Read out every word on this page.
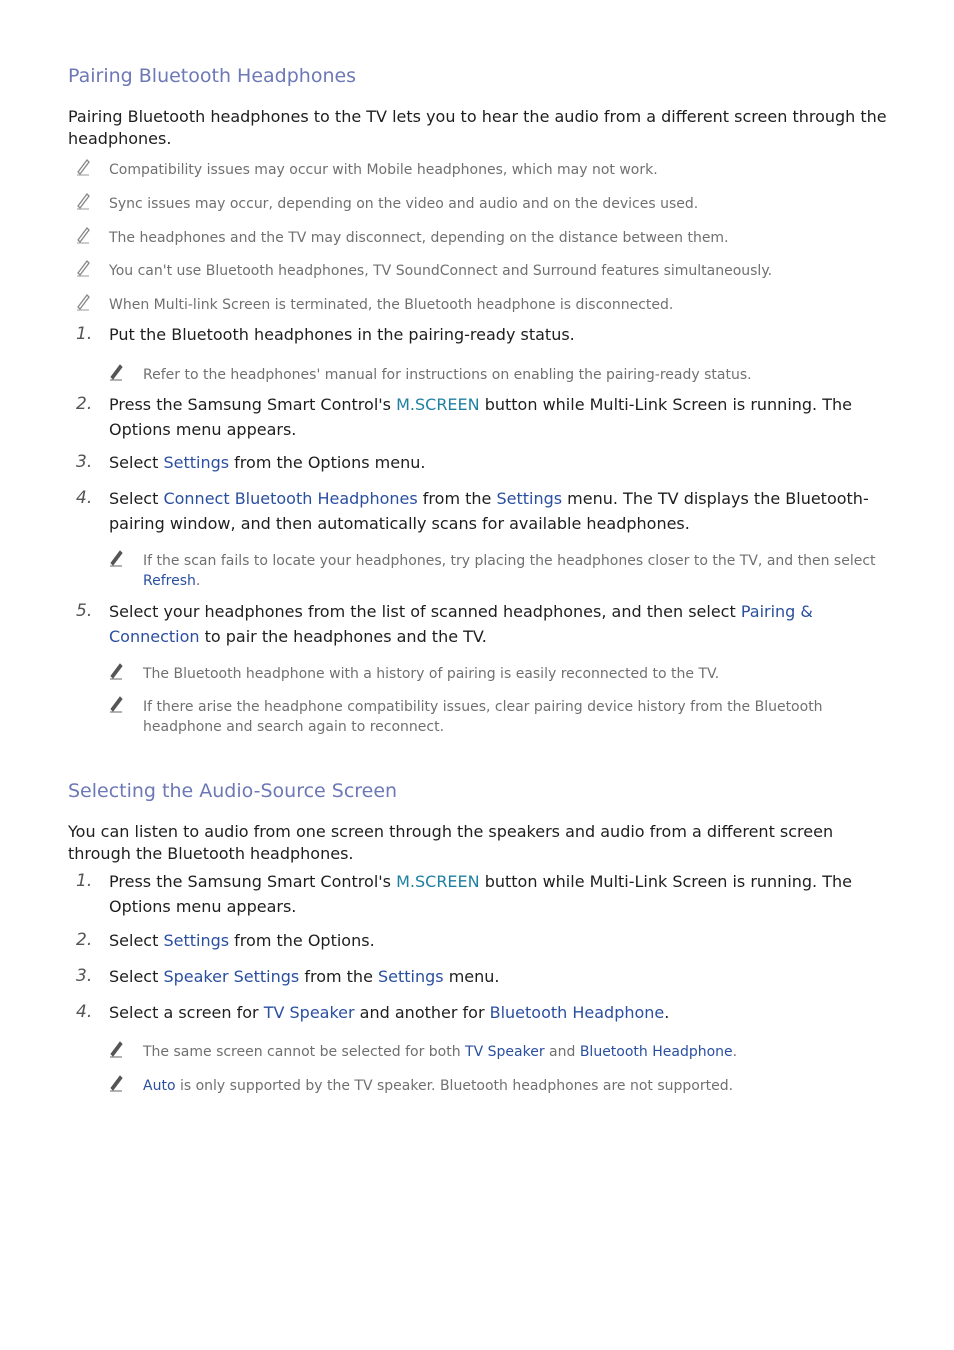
Pairing Bluetooth Headphones

Pairing Bluetooth headphones to the TV lets you to hear the audio from a different screen through the headphones.

Compatibility issues may occur with Mobile headphones, which may not work.
Sync issues may occur, depending on the video and audio and on the devices used.
The headphones and the TV may disconnect, depending on the distance between them.
You can't use Bluetooth headphones, TV SoundConnect and Surround features simultaneously.
When Multi-link Screen is terminated, the Bluetooth headphone is disconnected.
1. Put the Bluetooth headphones in the pairing-ready status.
Refer to the headphones' manual for instructions on enabling the pairing-ready status.
2. Press the Samsung Smart Control's M.SCREEN button while Multi-Link Screen is running. The Options menu appears.
3. Select Settings from the Options menu.
4. Select Connect Bluetooth Headphones from the Settings menu. The TV displays the Bluetooth-pairing window, and then automatically scans for available headphones.
If the scan fails to locate your headphones, try placing the headphones closer to the TV, and then select Refresh.
5. Select your headphones from the list of scanned headphones, and then select Pairing & Connection to pair the headphones and the TV.
The Bluetooth headphone with a history of pairing is easily reconnected to the TV.
If there arise the headphone compatibility issues, clear pairing device history from the Bluetooth headphone and search again to reconnect.
Selecting the Audio-Source Screen

You can listen to audio from one screen through the speakers and audio from a different screen through the Bluetooth headphones.

1. Press the Samsung Smart Control's M.SCREEN button while Multi-Link Screen is running. The Options menu appears.
2. Select Settings from the Options.
3. Select Speaker Settings from the Settings menu.
4. Select a screen for TV Speaker and another for Bluetooth Headphone.
The same screen cannot be selected for both TV Speaker and Bluetooth Headphone.
Auto is only supported by the TV speaker. Bluetooth headphones are not supported.
